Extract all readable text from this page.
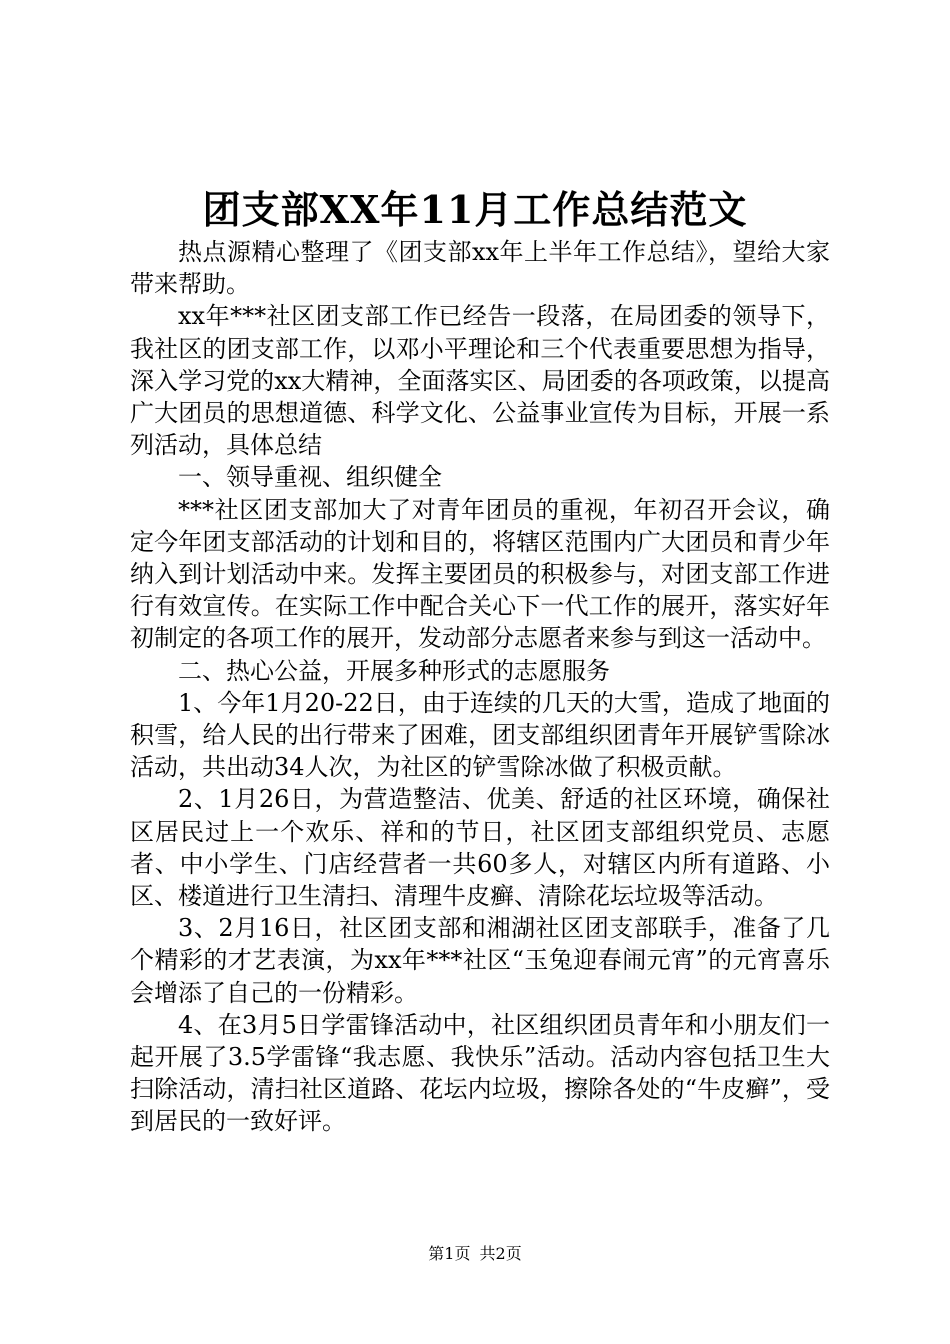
团支部XX年11月工作总结范文

热点源精心整理了《团支部xx年上半年工作总结》，望给大家带来帮助。

xx年***社区团支部工作已经告一段落，在局团委的领导下，我社区的团支部工作，以邓小平理论和三个代表重要思想为指导，深入学习党的xx大精神，全面落实区、局团委的各项政策，以提高广大团员的思想道德、科学文化、公益事业宣传为目标，开展一系列活动，具体总结

一、领导重视、组织健全

***社区团支部加大了对青年团员的重视，年初召开会议，确定今年团支部活动的计划和目的，将辖区范围内广大团员和青少年纳入到计划活动中来。发挥主要团员的积极参与，对团支部工作进行有效宣传。在实际工作中配合关心下一代工作的展开，落实好年初制定的各项工作的展开，发动部分志愿者来参与到这一活动中。

二、热心公益，开展多种形式的志愿服务

1、今年1月20-22日，由于连续的几天的大雪，造成了地面的积雪，给人民的出行带来了困难，团支部组织团青年开展铲雪除冰活动，共出动34人次，为社区的铲雪除冰做了积极贡献。

2、1月26日，为营造整洁、优美、舒适的社区环境，确保社区居民过上一个欢乐、祥和的节日，社区团支部组织党员、志愿者、中小学生、门店经营者一共60多人，对辖区内所有道路、小区、楼道进行卫生清扫、清理牛皮癣、清除花坛垃圾等活动。

3、2月16日，社区团支部和湘湖社区团支部联手，准备了几个精彩的才艺表演，为xx年***社区“玉兔迎春闹元宵”的元宵喜乐会增添了自己的一份精彩。

4、在3月5日学雷锋活动中，社区组织团员青年和小朋友们一起开展了3.5学雷锋“我志愿、我快乐”活动。活动内容包括卫生大扫除活动，清扫社区道路、花坛内垃圾，擦除各处的“牛皮癣”，受到居民的一致好评。

第1页 共2页
